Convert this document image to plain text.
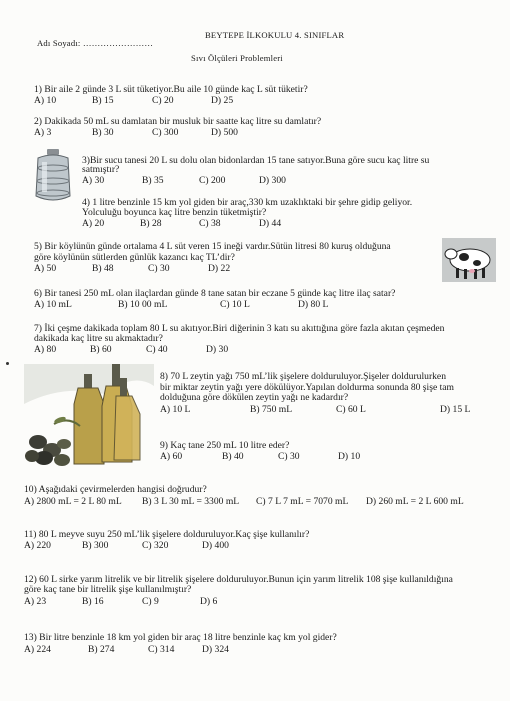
Adı Soyadı: ……………………
BEYTEPE İLKOKULU 4. SINIFLAR
Sıvı Ölçüleri Problemleri
1) Bir aile 2 günde 3 L süt tüketiyor.Bu aile 10 günde kaç L süt tüketir?
A) 10	B) 15	C) 20	D) 25
2) Dakikada 50 mL su damlatan bir musluk bir saatte kaç litre su damlatır?
A) 3	B) 30	C) 300	D) 500
3)Bir sucu tanesi 20 L su dolu olan bidonlardan 15 tane satıyor.Buna göre sucu kaç litre su
satmıştır?
A) 30	B) 35	C) 200	D) 300
4) 1 litre benzinle 15 km yol giden bir araç,330 km uzaklıktaki bir şehre gidip geliyor.
Yolculuğu boyunca kaç litre benzin tüketmiştir?
A) 20	B) 28	C) 38	D) 44
5) Bir köylünün günde ortalama 4 L süt veren 15 ineği vardır.Sütün litresi 80 kuruş olduğuna
göre köylünün sütlerden günlük kazancı kaç TL’dir?
A) 50	B) 48	C) 30	D) 22
6) Bir tanesi 250 mL olan ilaçlardan günde 8 tane satan bir eczane 5 günde kaç litre ilaç satar?
A) 10 mL	B) 10 00 mL	C) 10 L	D) 80 L
7) İki çeşme dakikada toplam 80 L su akıtıyor.Biri diğerinin 3 katı su akıttığına göre fazla akıtan çeşmeden
dakikada kaç litre su akmaktadır?
A) 80	B) 60	C) 40	D) 30
8) 70 L zeytin yağı 750 mL’lik şişelere dolduruluyor.Şişeler doldurulurken
bir miktar zeytin yağı yere dökülüyor.Yapılan doldurma sonunda 80 şişe tam
dolduğuna göre dökülen zeytin yağı ne kadardır?
A) 10 L	B) 750 mL	C) 60 L	D) 15 L
9) Kaç tane 250 mL 10 litre eder?
A) 60	B) 40	C) 30	D) 10
10) Aşağıdaki çevirmelerden hangisi doğrudur?
A) 2800 mL = 2 L 80 mL B) 3 L 30 mL = 3300 mL C) 7 L 7 mL = 7070 mL D) 260 mL = 2 L 600 mL
11) 80 L meyve suyu 250 mL’lik şişelere dolduruluyor.Kaç şişe kullanılır?
A) 220	B) 300	C) 320	D) 400
12) 60 L sirke yarım litrelik ve bir litrelik şişelere dolduruluyor.Bunun için yarım litrelik 108 şişe kullanıldığına
göre kaç tane bir litrelik şişe kullanılmıştır?
A) 23	B) 16	C) 9	D) 6
13) Bir litre benzinle 18 km yol giden bir araç 18 litre benzinle kaç km yol gider?
A) 224	B) 274	C) 314	D) 324
